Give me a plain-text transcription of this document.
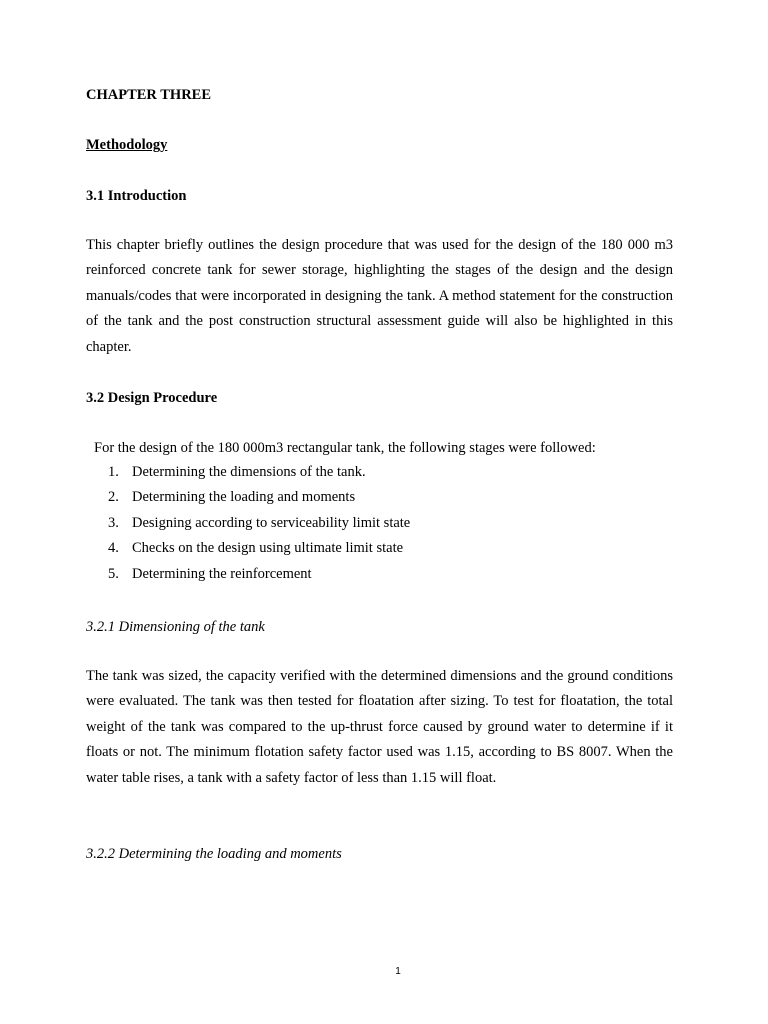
CHAPTER THREE
Methodology
3.1 Introduction

This chapter briefly outlines the design procedure that was used for the design of the 180 000 m3 reinforced concrete tank for sewer storage, highlighting the stages of the design and the design manuals/codes that were incorporated in designing the tank. A method statement for the construction of the tank and the post construction structural assessment guide will also be highlighted in this chapter.

3.2 Design Procedure
For the design of the 180 000m3 rectangular tank, the following stages were followed:
1. Determining the dimensions of the tank.
2. Determining the loading and moments
3. Designing according to serviceability limit state
4. Checks on the design using ultimate limit state
5. Determining the reinforcement
3.2.1 Dimensioning of the tank

The tank was sized, the capacity verified with the determined dimensions and the ground conditions were evaluated. The tank was then tested for floatation after sizing. To test for floatation, the total weight of the tank was compared to the up-thrust force caused by ground water to determine if it floats or not. The minimum flotation safety factor used was 1.15, according to BS 8007. When the water table rises, a tank with a safety factor of less than 1.15 will float.

3.2.2 Determining the loading and moments
1
